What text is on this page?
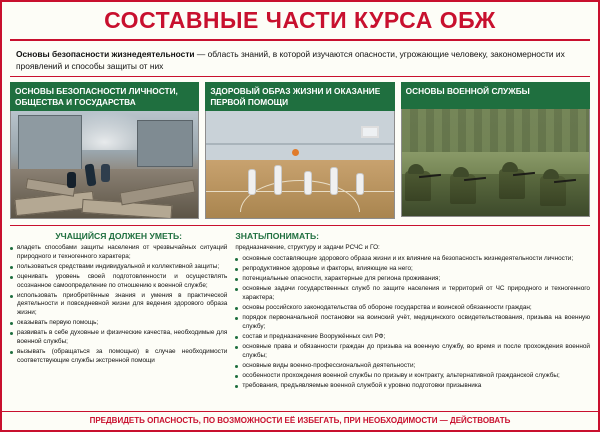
СОСТАВНЫЕ ЧАСТИ КУРСА ОБЖ
Основы безопасности жизнедеятельности — область знаний, в которой изучаются опасности, угрожающие человеку, закономерности их проявлений и способы защиты от них
ОСНОВЫ БЕЗОПАСНОСТИ ЛИЧНОСТИ, ОБЩЕСТВА И ГОСУДАРСТВА
ЗДОРОВЫЙ ОБРАЗ ЖИЗНИ И ОКАЗАНИЕ ПЕРВОЙ ПОМОЩИ
ОСНОВЫ ВОЕННОЙ СЛУЖБЫ
УЧАЩИЙСЯ ДОЛЖЕН УМЕТЬ:
владеть способами защиты населения от чрезвычайных ситуаций природного и техногенного характера;
пользоваться средствами индивидуальной и коллективной защиты;
оценивать уровень своей подготовленности и осуществлять осознанное самоопределение по отношению к военной службе;
использовать приобретённые знания и умения в практической деятельности и повседневной жизни для ведения здорового образа жизни;
оказывать первую помощь;
развивать в себе духовные и физические качества, необходимые для военной службы;
вызывать (обращаться за помощью) в случае необходимости соответствующие службы экстренной помощи
ЗНАТЬ/ПОНИМАТЬ:
предназначение, структуру и задачи РСЧС и ГО:
основные составляющие здорового образа жизни и их влияние на безопасность жизнедеятельности личности;
репродуктивное здоровье и факторы, влияющие на него;
потенциальные опасности, характерные для региона проживания;
основные задачи государственных служб по защите населения и территорий от ЧС природного и техногенного характера;
основы российского законодательства об обороне государства и воинской обязанности граждан;
порядок первоначальной постановки на воинский учёт, медицинского освидетельствования, призыва на военную службу;
состав и предназначение Вооружённых сил РФ;
основные права и обязанности граждан до призыва на военную службу, во время и после прохождения военной службы;
основные виды военно-профессиональной деятельности;
особенности прохождения военной службы по призыву и контракту, альтернативной гражданской службы;
требования, предъявляемые военной службой к уровню подготовки призывника
ПРЕДВИДЕТЬ ОПАСНОСТЬ, ПО ВОЗМОЖНОСТИ ЕЁ ИЗБЕГАТЬ, ПРИ НЕОБХОДИМОСТИ — ДЕЙСТВОВАТЬ
